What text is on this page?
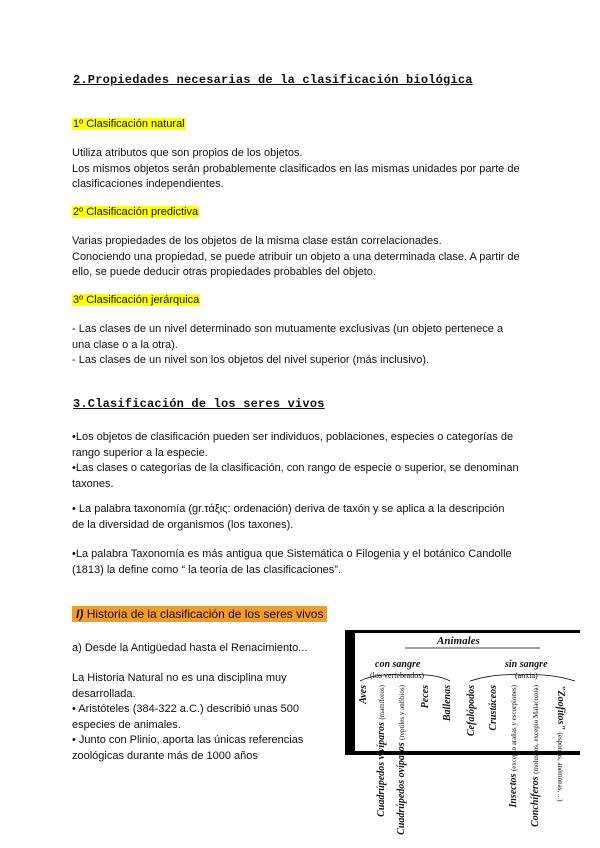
2.Propiedades necesarias de la clasificación biológica
1º Clasificación natural
Utiliza atributos que son propios de los objetos.
Los mismos objetos serán probablemente clasificados en las mismas unidades por parte de
clasificaciones independientes.
2º Clasificación predictiva
Varias propiedades de los objetos de la misma clase están correlacionades.
Conociendo una propiedad, se puede atribuir un objeto a una determinada clase. A partir de
ello, se puede deducir otras propiedades probables del objeto.
3º Clasificación jerárquica
- Las clases de un nivel determinado son mutuamente exclusivas (un objeto pertenece a
una clase o a la otra).
- Las clases de un nivel son los objetos del nivel superior (más inclusivo).
3.Clasificación de los seres vivos
•Los objetos de clasificación pueden ser individuos, poblaciones, especies o categorías de
rango superior a la especie.
•Las clases o categorías de la clasificación, con rango de especie o superior, se denominan
taxones.
• La palabra taxonomía (gr.τάξις: ordenación) deriva de taxón y se aplica a la descripción
de la diversidad de organismos (los taxones).
•La palabra Taxonomía es más antigua que Sistemática o Filogenia y el botánico Candolle
(1813) la define como “ la teoría de las clasificaciones”.
I) Historia de la clasificación de los seres vivos
a) Desde la Antigüedad hasta el Renacimiento...
La Historia Natural no es una disciplina muy
desarrollada.
• Aristóteles (384-322 a.C.) describió unas 500
especies de animales.
• Junto con Plinio, aporta las únicas referencias
zoológicas durante más de 1000 años
Animales
con sangre
(los vertebrados)
sin sangre
(anxia)
Aves
Cuadrúpedos vivíparos (mamíferos)
Cuadrúpedos ovíparos (reptiles y anfibios) Peces Ballenas Cefalópodos Crustáceos
Insectos (excepto arañas y escorpiones)
Conchíferos (moluscos, excepto Malacozoa) "Zoofitos" (esponjas, anémonas, ...)
